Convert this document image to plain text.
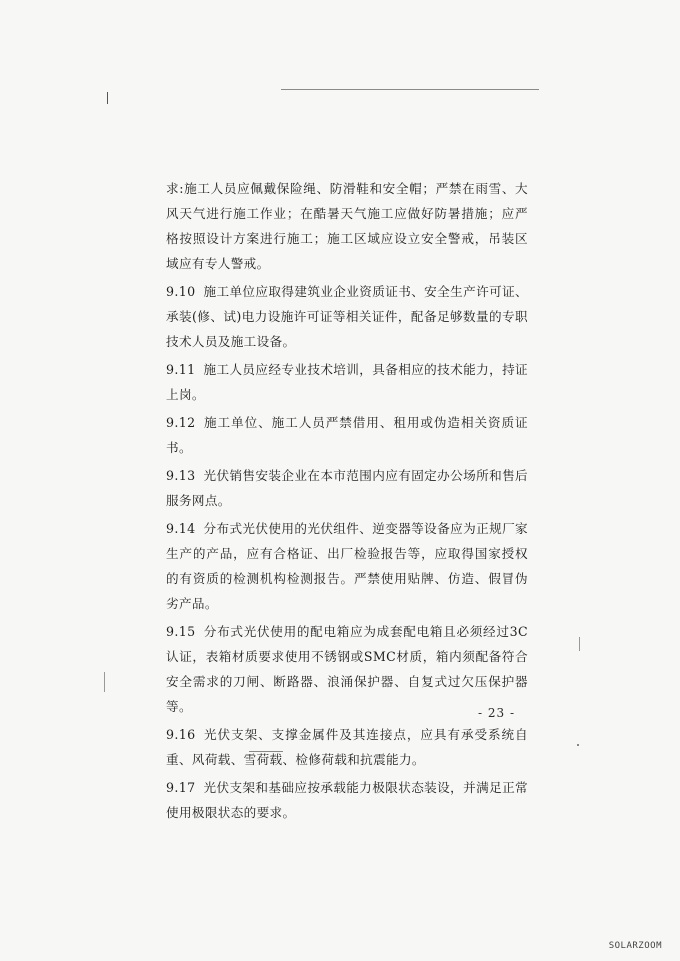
求:施工人员应佩戴保险绳、防滑鞋和安全帽；严禁在雨雪、大风天气进行施工作业；在酷暑天气施工应做好防暑措施；应严格按照设计方案进行施工；施工区域应设立安全警戒，吊装区域应有专人警戒。

9.10 施工单位应取得建筑业企业资质证书、安全生产许可证、承装(修、试)电力设施许可证等相关证件，配备足够数量的专职技术人员及施工设备。

9.11 施工人员应经专业技术培训，具备相应的技术能力，持证上岗。

9.12 施工单位、施工人员严禁借用、租用或伪造相关资质证书。

9.13 光伏销售安装企业在本市范围内应有固定办公场所和售后服务网点。

9.14 分布式光伏使用的光伏组件、逆变器等设备应为正规厂家生产的产品，应有合格证、出厂检验报告等，应取得国家授权的有资质的检测机构检测报告。严禁使用贴牌、仿造、假冒伪劣产品。

9.15 分布式光伏使用的配电箱应为成套配电箱且必须经过3C认证，表箱材质要求使用不锈钢或SMC材质，箱内须配备符合安全需求的刀闸、断路器、浪涌保护器、自复式过欠压保护器等。

9.16 光伏支架、支撑金属件及其连接点，应具有承受系统自重、风荷载、雪荷载、检修荷载和抗震能力。

9.17 光伏支架和基础应按承载能力极限状态装设，并满足正常使用极限状态的要求。

- 23 -
SOLARZOOM
